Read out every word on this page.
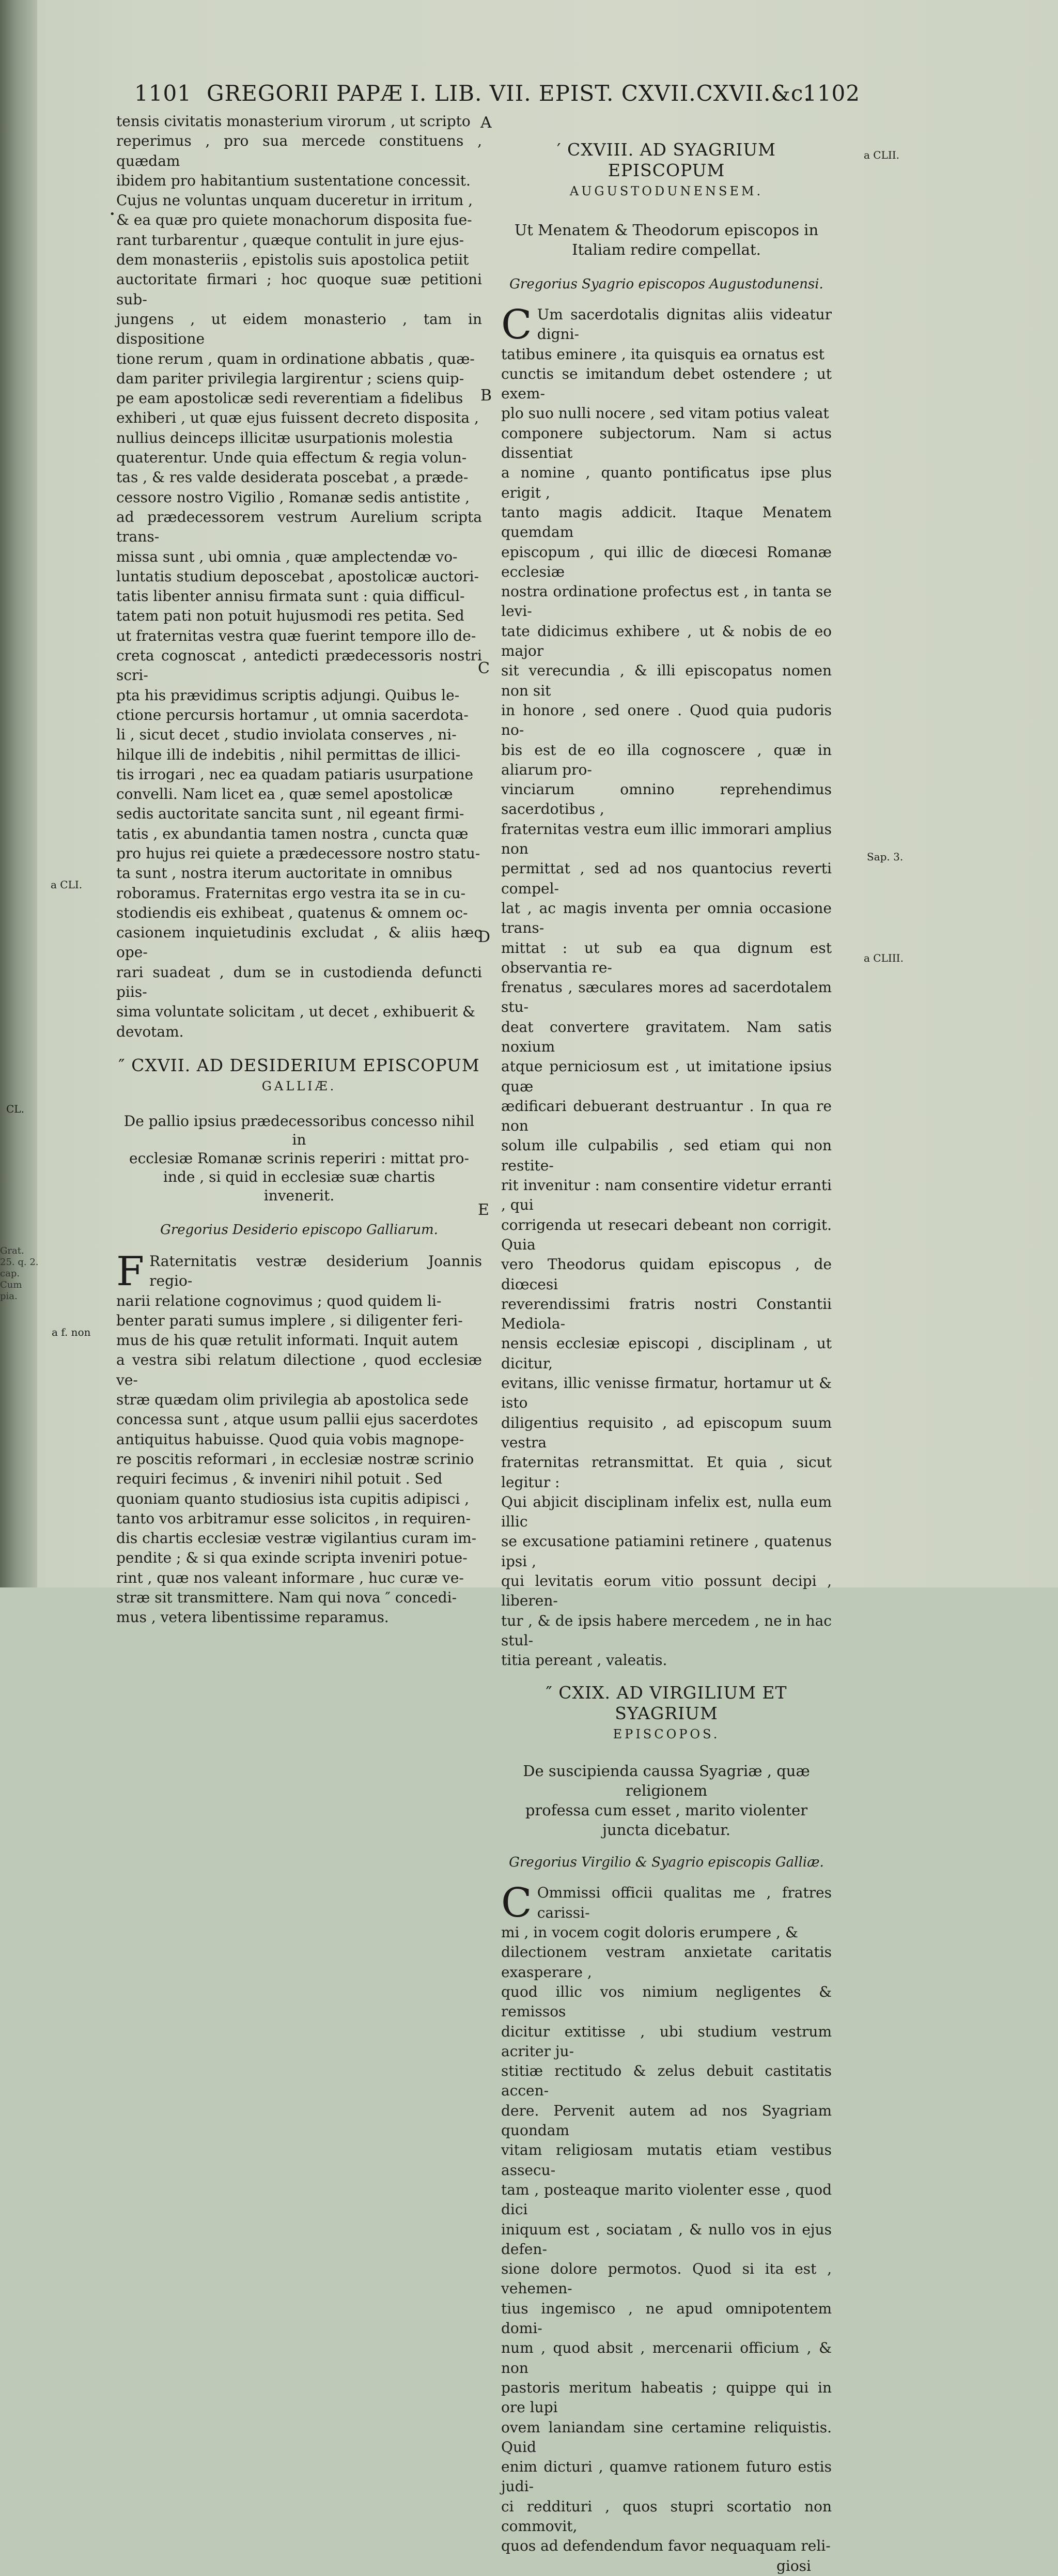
1101 GREGORII PAPÆ I. LIB. VII. EPIST. CXVII.CXVII.&c.
1102

tensis civitatis monasterium virorum , ut scripto
reperimus , pro sua mercede constituens , quædam
ibidem pro habitantium sustentatione concessit.
Cujus ne voluntas unquam duceretur in irritum ,
& ea quæ pro quiete monachorum disposita fue-
rant turbarentur , quæque contulit in jure ejus-
dem monasteriis , epistolis suis apostolica petiit
auctoritate firmari ; hoc quoque suæ petitioni sub-
jungens , ut eidem monasterio , tam in dispositione
tione rerum , quam in ordinatione abbatis , quæ-
dam pariter privilegia largirentur ; sciens quip-
pe eam apostolicæ sedi reverentiam a fidelibus
exhiberi , ut quæ ejus fuissent decreto disposita ,
nullius deinceps illicitæ usurpationis molestia
quaterentur. Unde quia effectum & regia volun-
tas , & res valde desiderata poscebat , a præde-
cessore nostro Vigilio , Romanæ sedis antistite ,
ad prædecessorem vestrum Aurelium scripta trans-
missa sunt , ubi omnia , quæ amplectendæ vo-
luntatis studium deposcebat , apostolicæ auctori-
tatis libenter annisu firmata sunt : quia difficul-
tatem pati non potuit hujusmodi res petita. Sed
ut fraternitas vestra quæ fuerint tempore illo de-
creta cognoscat , antedicti prædecessoris nostri scri-
pta his prævidimus scriptis adjungi. Quibus le-
ctione percursis hortamur , ut omnia sacerdota-
li , sicut decet , studio inviolata conserves , ni-
hilque illi de indebitis , nihil permittas de illici-
tis irrogari , nec ea quadam patiaris usurpatione
convelli. Nam licet ea , quæ semel apostolicæ
sedis auctoritate sancita sunt , nil egeant firmi-
tatis , ex abundantia tamen nostra , cuncta quæ
pro hujus rei quiete a prædecessore nostro statu-
ta sunt , nostra iterum auctoritate in omnibus
roboramus. Fraternitas ergo vestra ita se in cu-
stodiendis eis exhibeat , quatenus & omnem oc-
casionem inquietudinis excludat , & aliis hæc ope-
rari suadeat , dum se in custodienda defuncti piis-
sima voluntate solicitam , ut decet , exhibuerit &
devotam.

″ CXVII. AD DESIDERIUM EPISCOPUM
GALLIÆ.

De pallio ipsius prædecessoribus concesso nihil in
ecclesiæ Romanæ scrinis reperiri : mittat pro-
inde , si quid in ecclesiæ suæ chartis
invenerit.

Gregorius Desiderio episcopo Galliarum.

F Raternitatis vestræ desiderium Joannis regio-
narii relatione cognovimus ; quod quidem li-
benter parati sumus implere , si diligenter feri-
mus de his quæ retulit informati. Inquit autem
a vestra sibi relatum dilectione , quod ecclesiæ ve-
stræ quædam olim privilegia ab apostolica sede
concessa sunt , atque usum pallii ejus sacerdotes
antiquitus habuisse. Quod quia vobis magnope-
re poscitis reformari , in ecclesiæ nostræ scrinio
requiri fecimus , & inveniri nihil potuit . Sed
quoniam quanto studiosius ista cupitis adipisci ,
tanto vos arbitramur esse solicitos , in requiren-
dis chartis ecclesiæ vestræ vigilantius curam im-
pendite ; & si qua exinde scripta inveniri potue-
rint , quæ nos valeant informare , huc curæ ve-
stræ sit transmittere. Nam qui nova ″ concedi-
mus , vetera libentissime reparamus.

′ CXVIII. AD SYAGRIUM EPISCOPUM
AUGUSTODUNENSEM.

Ut Menatem & Theodorum episcopos in
Italiam redire compellat.

Gregorius Syagrio episcopos Augustodunensi.

C Um sacerdotalis dignitas aliis videatur digni-
tatibus eminere , ita quisquis ea ornatus est
cunctis se imitandum debet ostendere ; ut exem-
plo suo nulli nocere , sed vitam potius valeat
componere subjectorum. Nam si actus dissentiat
a nomine , quanto pontificatus ipse plus erigit ,
tanto magis addicit. Itaque Menatem quemdam
episcopum , qui illic de diœcesi Romanæ ecclesiæ
nostra ordinatione profectus est , in tanta se levi-
tate didicimus exhibere , ut & nobis de eo major
sit verecundia , & illi episcopatus nomen non sit
in honore , sed onere . Quod quia pudoris no-
bis est de eo illa cognoscere , quæ in aliarum pro-
vinciarum omnino reprehendimus sacerdotibus ,
fraternitas vestra eum illic immorari amplius non
permittat , sed ad nos quantocius reverti compel-
lat , ac magis inventa per omnia occasione trans-
mittat : ut sub ea qua dignum est observantia re-
frenatus , sæculares mores ad sacerdotalem stu-
deat convertere gravitatem. Nam satis noxium
atque perniciosum est , ut imitatione ipsius quæ
ædificari debuerant destruantur . In qua re non
solum ille culpabilis , sed etiam qui non restite-
rit invenitur : nam consentire videtur erranti , qui
corrigenda ut resecari debeant non corrigit. Quia
vero Theodorus quidam episcopus , de diœcesi
reverendissimi fratris nostri Constantii Mediola-
nensis ecclesiæ episcopi , disciplinam , ut dicitur,
evitans, illic venisse firmatur, hortamur ut & isto
diligentius requisito , ad episcopum suum vestra
fraternitas retransmittat. Et quia , sicut legitur :
Qui abjicit disciplinam infelix est, nulla eum illic
se excusatione patiamini retinere , quatenus ipsi ,
qui levitatis eorum vitio possunt decipi , liberen-
tur , & de ipsis habere mercedem , ne in hac stul-
titia pereant , valeatis.

″ CXIX. AD VIRGILIUM ET SYAGRIUM
EPISCOPOS.

De suscipienda caussa Syagriæ , quæ religionem
professa cum esset , marito violenter
juncta dicebatur.

Gregorius Virgilio & Syagrio episcopis Galliæ.

C Ommissi officii qualitas me , fratres carissi-
mi , in vocem cogit doloris erumpere , &
dilectionem vestram anxietate caritatis exasperare ,
quod illic vos nimium negligentes & remissos
dicitur extitisse , ubi studium vestrum acriter ju-
stitiæ rectitudo & zelus debuit castitatis accen-
dere. Pervenit autem ad nos Syagriam quondam
vitam religiosam mutatis etiam vestibus assecu-
tam , posteaque marito violenter esse , quod dici
iniquum est , sociatam , & nullo vos in ejus defen-
sione dolore permotos. Quod si ita est , vehemen-
tius ingemisco , ne apud omnipotentem domi-
num , quod absit , mercenarii officium , & non
pastoris meritum habeatis ; quippe qui in ore lupi
ovem laniandam sine certamine reliquistis. Quid
enim dicturi , quamve rationem futuro estis judi-
ci reddituri , quos stupri scortatio non commovit,
quos ad defendendum favor nequaquam reli-

giosi

A
B
C
D
E
a CLI.
CL.
Grat. 25. q. 2.
cap.
Cum pia.
a f. non
a CLII.
Sap. 3.
a CLIII.
•
